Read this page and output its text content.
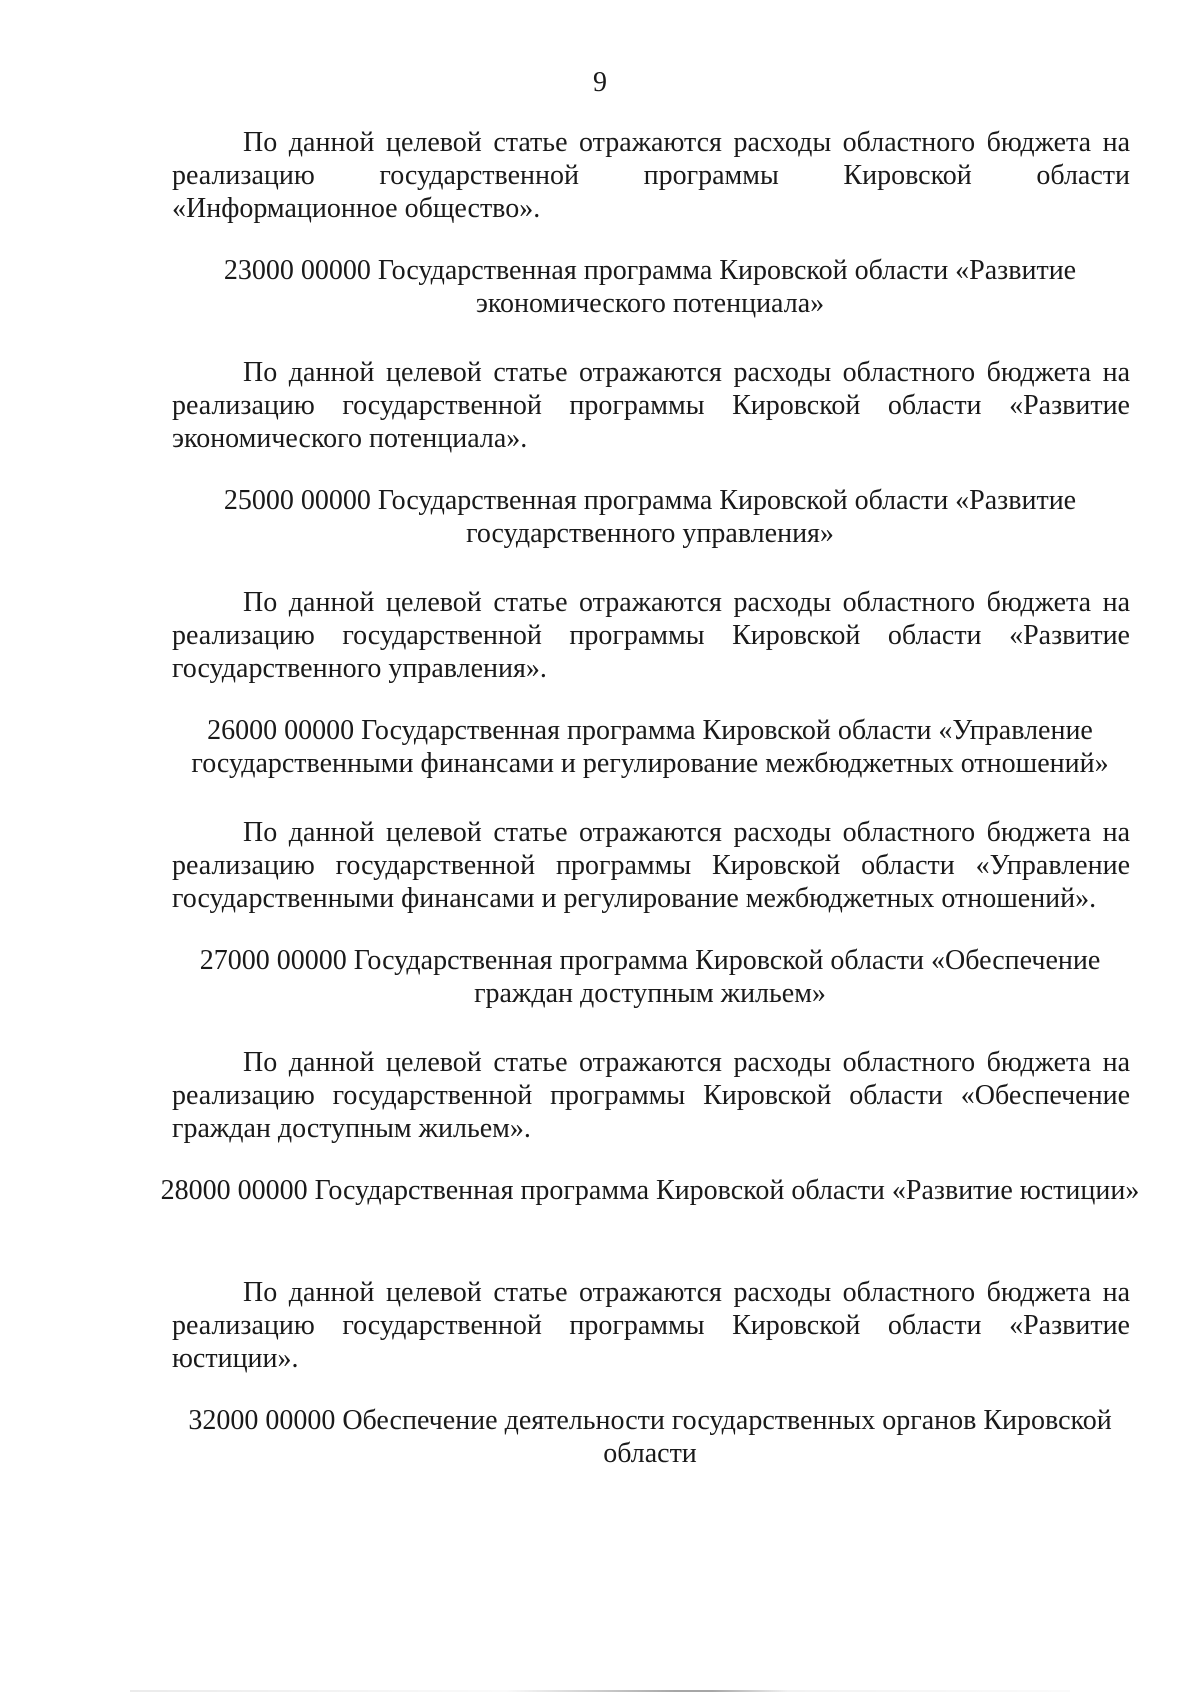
9
По данной целевой статье отражаются расходы областного бюджета на реализацию государственной программы Кировской области «Информационное общество».
23000 00000 Государственная программа Кировской области «Развитие экономического потенциала»
По данной целевой статье отражаются расходы областного бюджета на реализацию государственной программы Кировской области «Развитие экономического потенциала».
25000 00000 Государственная программа Кировской области «Развитие государственного управления»
По данной целевой статье отражаются расходы областного бюджета на реализацию государственной программы Кировской области «Развитие государственного управления».
26000 00000 Государственная программа Кировской области «Управление государственными финансами и регулирование межбюджетных отношений»
По данной целевой статье отражаются расходы областного бюджета на реализацию государственной программы Кировской области «Управление государственными финансами и регулирование межбюджетных отношений».
27000 00000 Государственная программа Кировской области «Обеспечение граждан доступным жильем»
По данной целевой статье отражаются расходы областного бюджета на реализацию государственной программы Кировской области «Обеспечение граждан доступным жильем».
28000 00000 Государственная программа Кировской области «Развитие юстиции»
По данной целевой статье отражаются расходы областного бюджета на реализацию государственной программы Кировской области «Развитие юстиции».
32000 00000 Обеспечение деятельности государственных органов Кировской области
